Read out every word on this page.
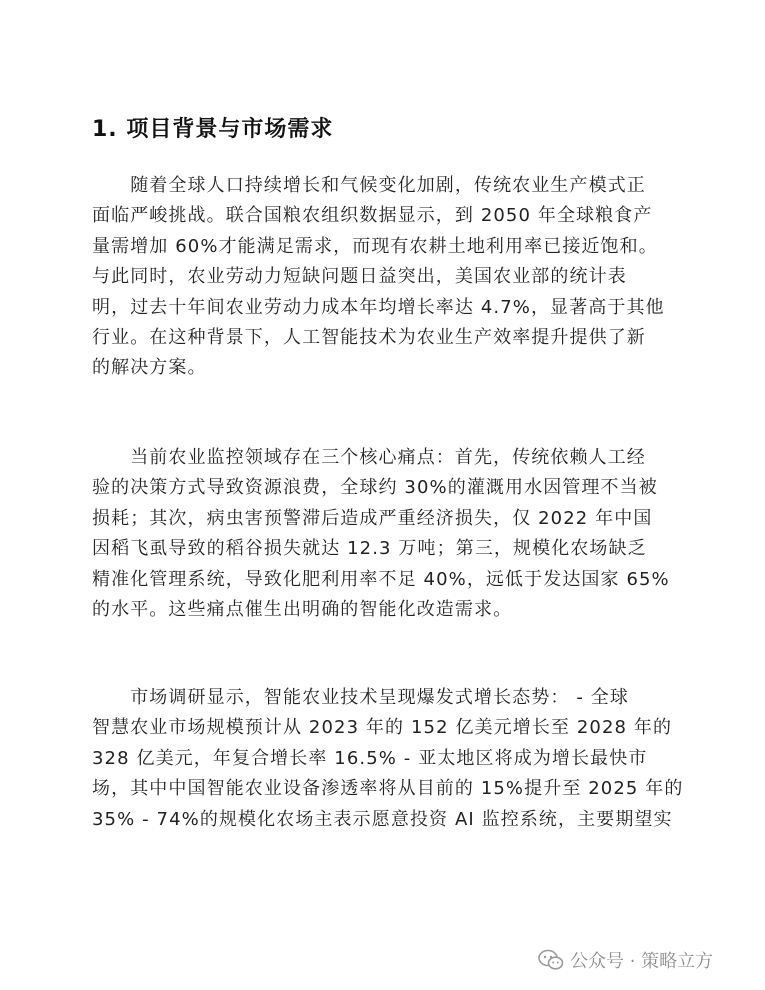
1. 项目背景与市场需求
　　随着全球人口持续增长和气候变化加剧，传统农业生产模式正
面临严峻挑战。联合国粮农组织数据显示，到 2050 年全球粮食产
量需增加 60%才能满足需求，而现有农耕土地利用率已接近饱和。
与此同时，农业劳动力短缺问题日益突出，美国农业部的统计表
明，过去十年间农业劳动力成本年均增长率达 4.7%，显著高于其他
行业。在这种背景下，人工智能技术为农业生产效率提升提供了新
的解决方案。
　　当前农业监控领域存在三个核心痛点：首先，传统依赖人工经
验的决策方式导致资源浪费，全球约 30%的灌溉用水因管理不当被
损耗；其次，病虫害预警滞后造成严重经济损失，仅 2022 年中国
因稻飞虱导致的稻谷损失就达 12.3 万吨；第三，规模化农场缺乏
精准化管理系统，导致化肥利用率不足 40%，远低于发达国家 65%
的水平。这些痛点催生出明确的智能化改造需求。
　　市场调研显示，智能农业技术呈现爆发式增长态势： - 全球
智慧农业市场规模预计从 2023 年的 152 亿美元增长至 2028 年的
328 亿美元，年复合增长率 16.5% - 亚太地区将成为增长最快市
场，其中中国智能农业设备渗透率将从目前的 15%提升至 2025 年的
35% - 74%的规模化农场主表示愿意投资 AI 监控系统，主要期望实
公众号 · 策略立方
